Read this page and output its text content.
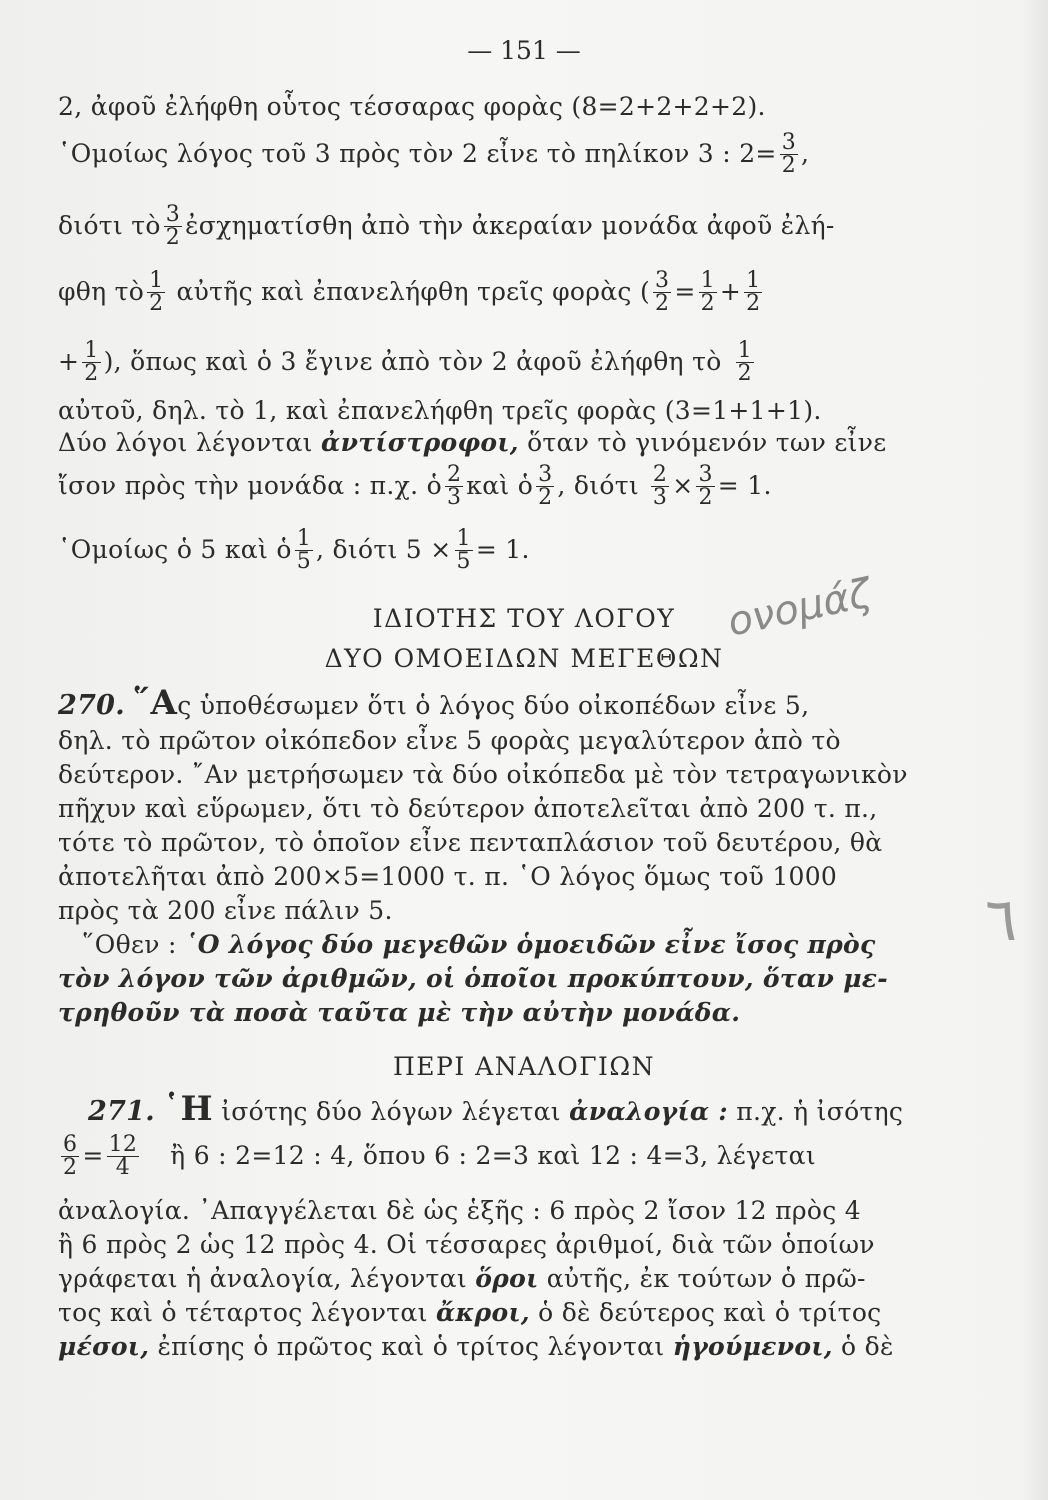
— 151 —
2, ἀφοῦ ἐλήφθη οὗτος τέσσαρας φορὰς (8=2+2+2+2).
῾Ομοίως λόγος τοῦ 3 πρὸς τὸν 2 εἶνε τὸ πηλίκον 3 : $2= \frac{3}{2}$ ,
διότι τὸ $\frac{3}{2}$ ἐσχηματίσθη ἀπὸ τὴν ἀκεραίαν μονάδα ἀφοῦ ἐλή-
φθη τὸ $\frac{1}{2}$ αὐτῆς καὶ ἐπανελήφθη τρεῖς φορὰς ( $\frac{3}{2} = \frac{1}{2} + \frac{1}{2}$
+ $\frac{1}{2}$ ), ὅπως καὶ ὁ 3 ἔγινε ἀπὸ τὸν 2 ἀφοῦ ἐλήφθη τὸ $\frac{1}{2}$
αὐτοῦ, δηλ. τὸ 1, καὶ ἐπανελήφθη τρεῖς φορὰς (3=1+1+1).
Δύο λόγοι λέγονται ἀντίστροφοι, ὅταν τὸ γινόμενόν των εἶνε
ἴσον πρὸς τὴν μονάδα : π.χ. ὁ $\frac{2}{3}$ καὶ ὁ $\frac{3}{2}$ , διότι $\frac{2}{3} \times \frac{3}{2} = 1$.
῾Ομοίως ὁ 5 καὶ ὁ $\frac{1}{5}$ , διότι $5 \times \frac{1}{5} = 1$.
ΙΔΙΟΤΗΣ ΤΟΥ ΛΟΓΟΥ
ΔΥΟ ΟΜΟΕΙΔΩΝ ΜΕΓΕΘΩΝ
ονομάζ
270. ῞Ας ὑποθέσωμεν ὅτι ὁ λόγος δύο οἰκοπέδων εἶνε 5,
δηλ. τὸ πρῶτον οἰκόπεδον εἶνε 5 φορὰς μεγαλύτερον ἀπὸ τὸ
δεύτερον. ῎Αν μετρήσωμεν τὰ δύο οἰκόπεδα μὲ τὸν τετραγωνικὸν
πῆχυν καὶ εὕρωμεν, ὅτι τὸ δεύτερον ἀποτελεῖται ἀπὸ 200 τ. π.,
τότε τὸ πρῶτον, τὸ ὁποῖον εἶνε πενταπλάσιον τοῦ δευτέρου, θὰ
ἀποτελῆται ἀπὸ 200×5=1000 τ. π. ῾Ο λόγος ὅμως τοῦ 1000
πρὸς τὰ 200 εἶνε πάλιν 5.	٦
῞Οθεν : ῾Ο λόγος δύο μεγεθῶν ὁμοειδῶν εἶνε ἴσος πρὸς
τὸν λόγον τῶν ἀριθμῶν, οἱ ὁποῖοι προκύπτουν, ὅταν με-
τρηθοῦν τὰ ποσὰ ταῦτα μὲ τὴν αὐτὴν μονάδα.
ΠΕΡΙ ΑΝΑΛΟΓΙΩΝ
271. ῾Η ἰσότης δύο λόγων λέγεται ἀναλογία : π.χ. ἡ ἰσότης
$\frac{6}{2} = \frac{12}{4}$ ἢ 6 : 2=12 : 4, ὅπου 6 : 2=3 καὶ 12 : 4=3, λέγεται
ἀναλογία. ᾿Απαγγέλεται δὲ ὡς ἑξῆς : 6 πρὸς 2 ἴσον 12 πρὸς 4
ἢ 6 πρὸς 2 ὡς 12 πρὸς 4. Οἱ τέσσαρες ἀριθμοί, διὰ τῶν ὁποίων
γράφεται ἡ ἀναλογία, λέγονται ὅροι αὐτῆς, ἐκ τούτων ὁ πρῶ-
τος καὶ ὁ τέταρτος λέγονται ἄκροι, ὁ δὲ δεύτερος καὶ ὁ τρίτος
μέσοι, ἐπίσης ὁ πρῶτος καὶ ὁ τρίτος λέγονται ἡγούμενοι, ὁ δὲ
